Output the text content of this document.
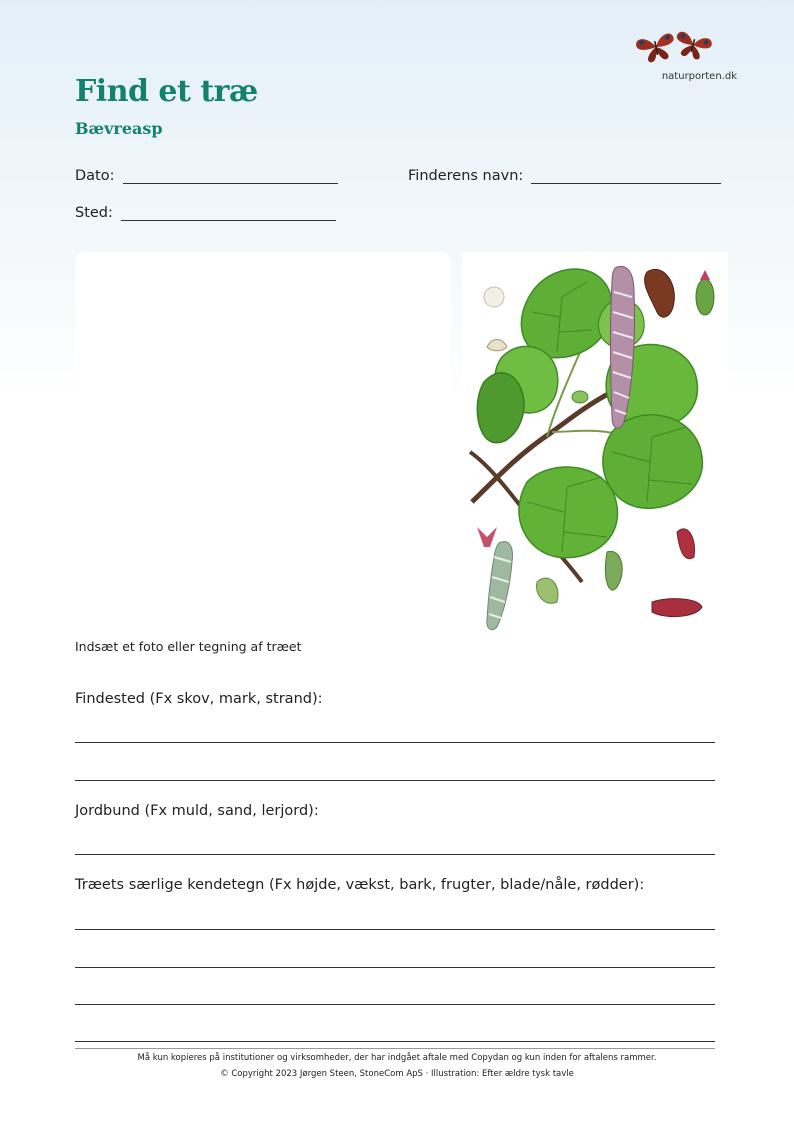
naturporten.dk
Find et træ
Bævreasp
Dato:	Finderens navn:
Sted:
Indsæt et foto eller tegning af træet
Findested (Fx skov, mark, strand):
Jordbund (Fx muld, sand, lerjord):
Træets særlige kendetegn (Fx højde, vækst, bark, frugter, blade/nåle, rødder):
Må kun kopieres på institutioner og virksomheder, der har indgået aftale med Copydan og kun inden for aftalens rammer.
© Copyright 2023 Jørgen Steen, StoneCom ApS · Illustration: Efter ældre tysk tavle
